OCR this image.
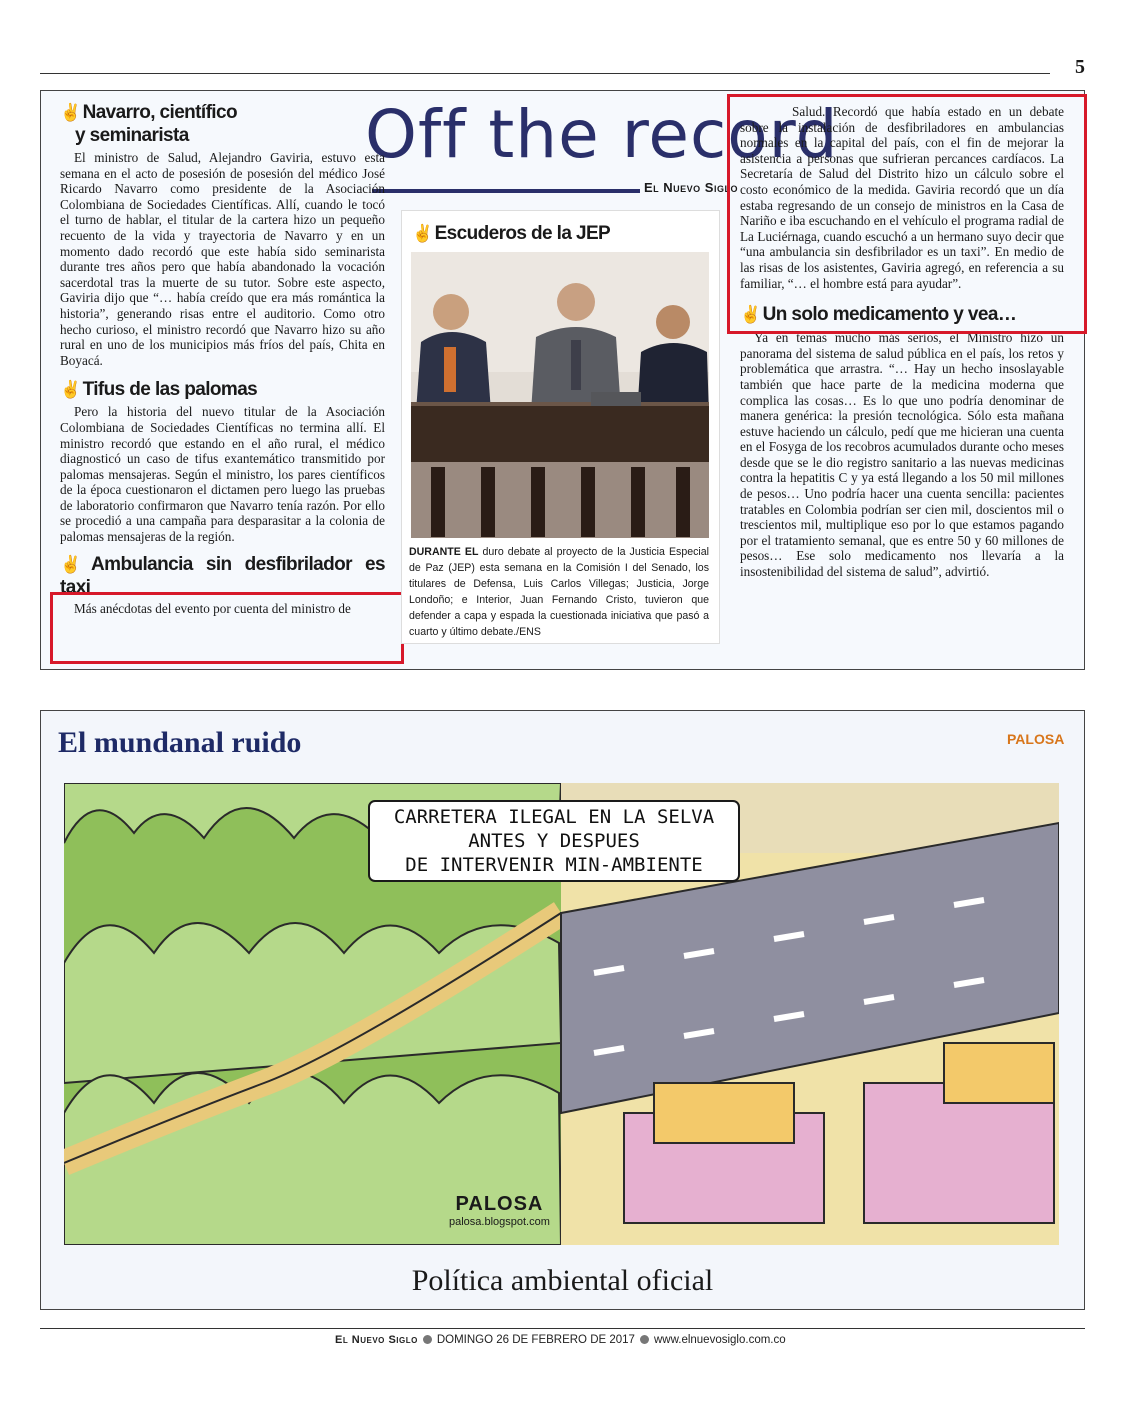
5
Off the record
El Nuevo Siglo
✌ Navarro, científico
y seminarista

El ministro de Salud, Alejandro Gaviria, estuvo esta semana en el acto de posesión de posesión del médico José Ricardo Navarro como presidente de la Asociación Colombiana de Sociedades Científicas. Allí, cuando le tocó el turno de hablar, el titular de la cartera hizo un pequeño recuento de la vida y trayectoria de Navarro y en un momento dado recordó que este había sido seminarista durante tres años pero que había abandonado la vocación sacerdotal tras la muerte de su tutor. Sobre este aspecto, Gaviria dijo que “… había creído que era más romántica la historia”, generando risas entre el auditorio. Como otro hecho curioso, el ministro recordó que Navarro hizo su año rural en uno de los municipios más fríos del país, Chita en Boyacá.

✌ Tifus de las palomas

Pero la historia del nuevo titular de la Asociación Colombiana de Sociedades Científicas no termina allí. El ministro recordó que estando en el año rural, el médico diagnosticó un caso de tifus exantemático transmitido por palomas mensajeras. Según el ministro, los pares científicos de la época cuestionaron el dictamen pero luego las pruebas de laboratorio confirmaron que Navarro tenía razón. Por ello se procedió a una campaña para desparasitar a la colonia de palomas mensajeras de la región.

✌ Ambulancia sin desfibrilador es taxi

Más anécdotas del evento por cuenta del ministro de

✌ Escuderos de la JEP
DURANTE EL duro debate al proyecto de la Justicia Especial de Paz (JEP) esta semana en la Comisión I del Senado, los titulares de Defensa, Luis Carlos Villegas; Justicia, Jorge Londoño; e Interior, Juan Fernando Cristo, tuvieron que defender a capa y espada la cuestionada iniciativa que pasó a cuarto y último debate./ENS

Salud. Recordó que había estado en un debate sobre la instalación de desfibriladores en ambulancias normales en la capital del país, con el fin de mejorar la asistencia a personas que sufrieran percances cardíacos. La Secretaría de Salud del Distrito hizo un cálculo sobre el costo económico de la medida. Gaviria recordó que un día estaba regresando de un consejo de ministros en la Casa de Nariño e iba escuchando en el vehículo el programa radial de La Luciérnaga, cuando escuchó a un hermano suyo decir que “una ambulancia sin desfibrilador es un taxi”. En medio de las risas de los asistentes, Gaviria agregó, en referencia a su familiar, “… el hombre está para ayudar”.

✌ Un solo medicamento y vea…

Ya en temas mucho más serios, el Ministro hizo un panorama del sistema de salud pública en el país, los retos y problemática que arrastra. “… Hay un hecho insoslayable también que hace parte de la medicina moderna que complica las cosas… Es lo que uno podría denominar de manera genérica: la presión tecnológica. Sólo esta mañana estuve haciendo un cálculo, pedí que me hicieran una cuenta en el Fosyga de los recobros acumulados durante ocho meses desde que se le dio registro sanitario a las nuevas medicinas contra la hepatitis C y ya está llegando a los 50 mil millones de pesos… Uno podría hacer una cuenta sencilla: pacientes tratables en Colombia podrían ser cien mil, doscientos mil o trescientos mil, multiplique eso por lo que estamos pagando por el tratamiento semanal, que es entre 50 y 60 millones de pesos… Ese solo medicamento nos llevaría a la insostenibilidad del sistema de salud”, advirtió.

El mundanal ruido	PALOSA
CARRETERA ILEGAL EN LA SELVA
ANTES Y DESPUES
DE INTERVENIR MIN-AMBIENTE
PALOSA
palosa.blogspot.com
Política ambiental oficial
El Nuevo Siglo DOMINGO 26 DE FEBRERO DE 2017 www.elnuevosiglo.com.co
